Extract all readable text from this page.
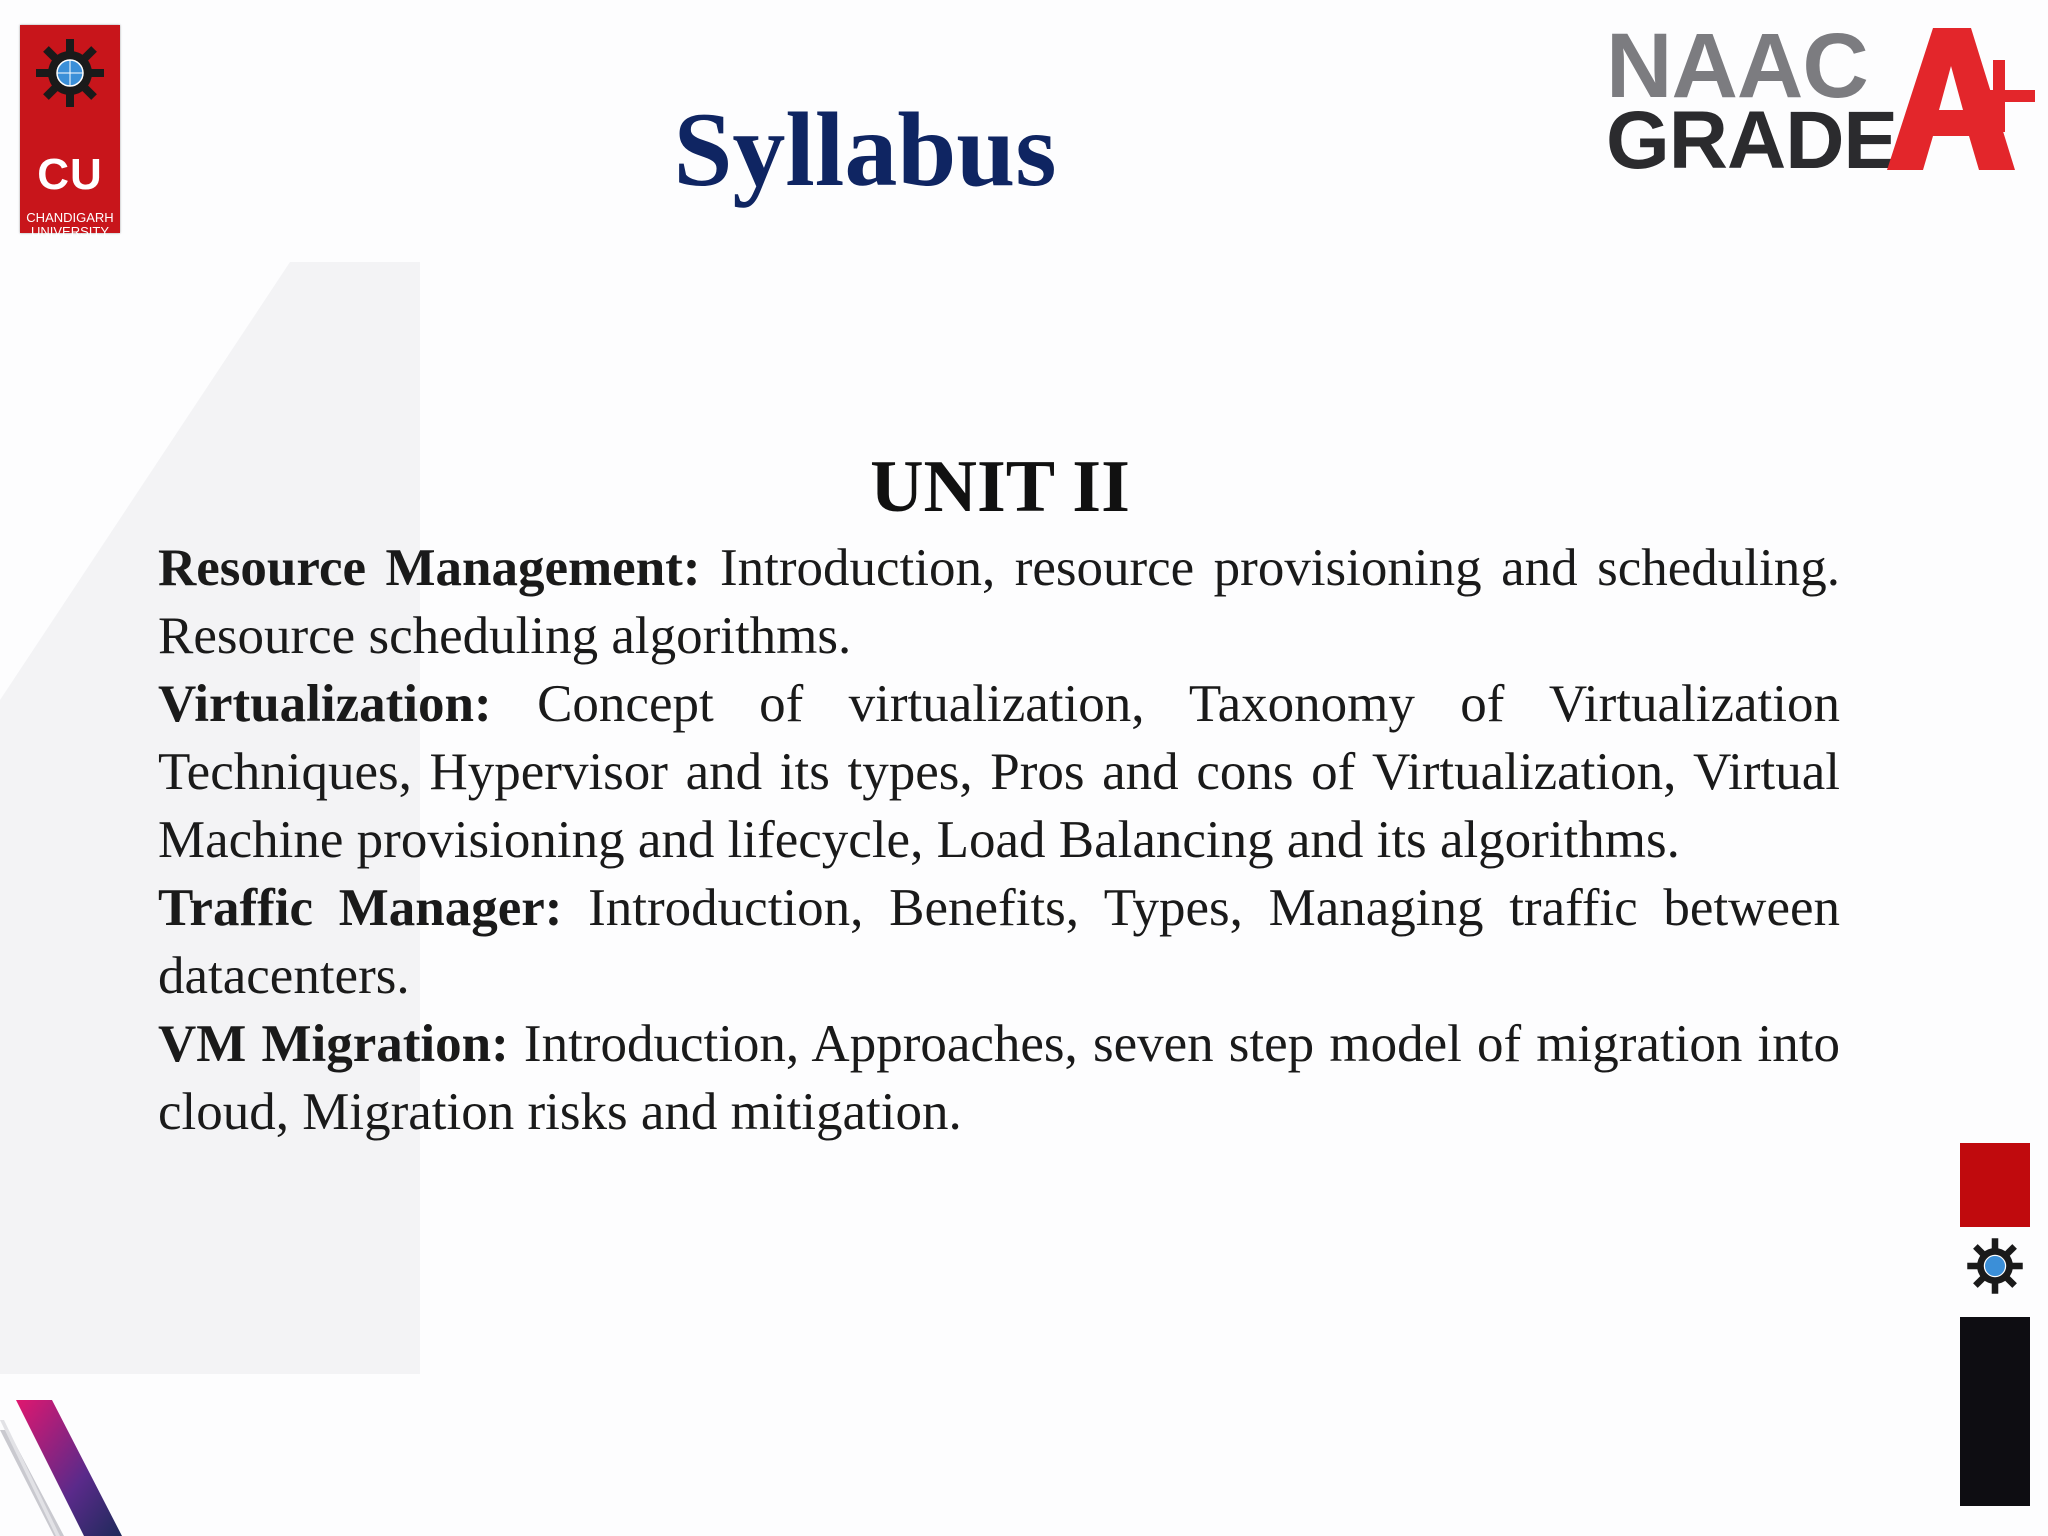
CU
CHANDIGARH
UNIVERSITY
Syllabus
NAAC
GRADE
UNIT II

Resource Management: Introduction, resource provisioning and scheduling. Resource scheduling algorithms.

Virtualization: Concept of virtualization, Taxonomy of Virtualization Techniques, Hypervisor and its types, Pros and cons of Virtualization, Virtual Machine provisioning and lifecycle, Load Balancing and its algorithms.

Traffic Manager: Introduction, Benefits, Types, Managing traffic between datacenters.

VM Migration: Introduction, Approaches, seven step model of migration into cloud, Migration risks and mitigation.
